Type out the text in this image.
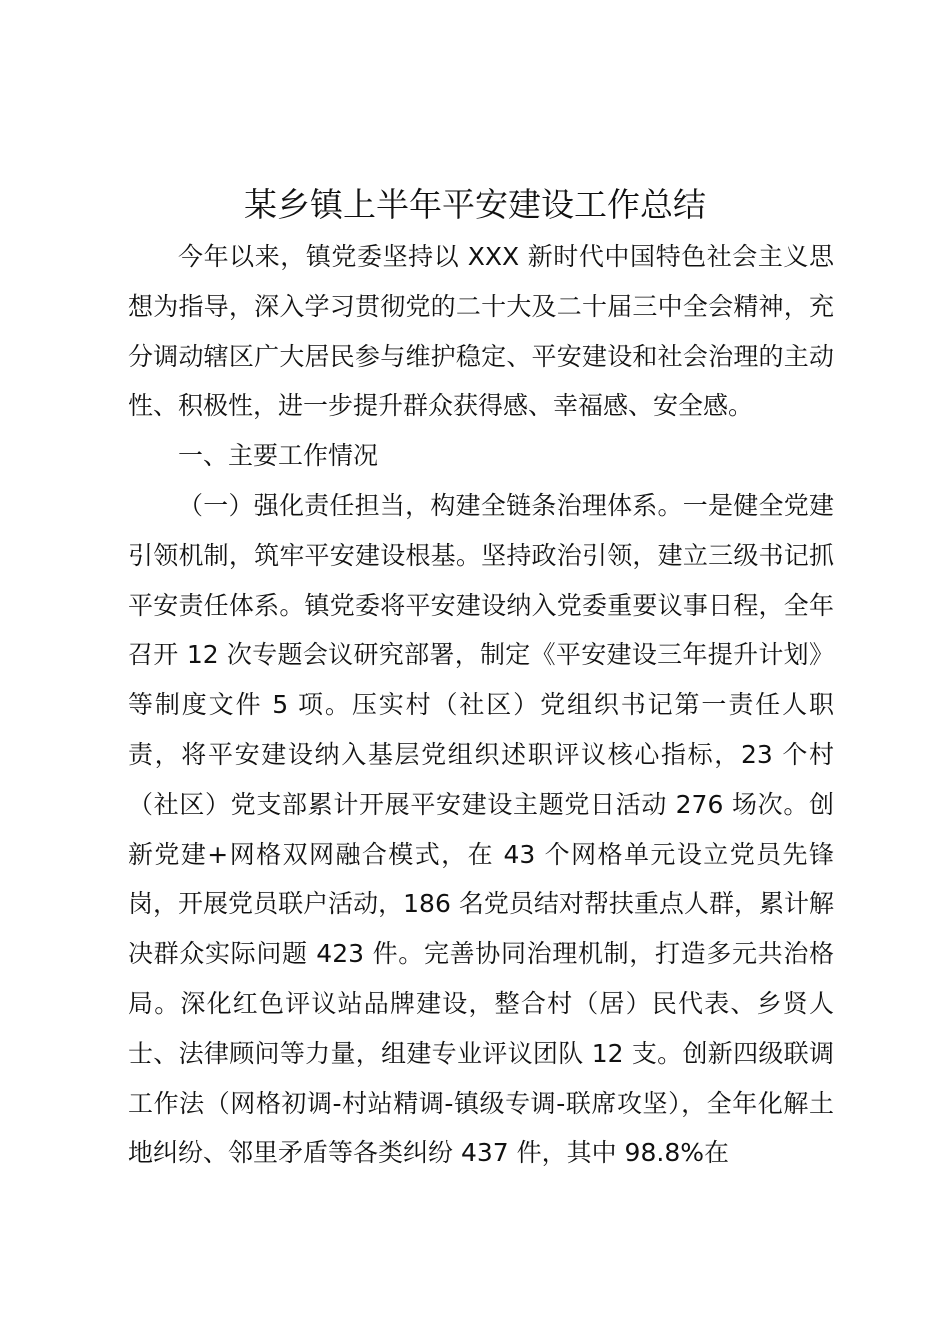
某乡镇上半年平安建设工作总结

今年以来，镇党委坚持以 XXX 新时代中国特色社会主义思想为指导，深入学习贯彻党的二十大及二十届三中全会精神，充分调动辖区广大居民参与维护稳定、平安建设和社会治理的主动性、积极性，进一步提升群众获得感、幸福感、安全感。

一、主要工作情况

（一）强化责任担当，构建全链条治理体系。一是健全党建引领机制，筑牢平安建设根基。坚持政治引领，建立三级书记抓平安责任体系。镇党委将平安建设纳入党委重要议事日程，全年召开 12 次专题会议研究部署，制定《平安建设三年提升计划》等制度文件 5 项。压实村（社区）党组织书记第一责任人职责，将平安建设纳入基层党组织述职评议核心指标，23 个村（社区）党支部累计开展平安建设主题党日活动 276 场次。创新党建+网格双网融合模式，在 43 个网格单元设立党员先锋岗，开展党员联户活动，186 名党员结对帮扶重点人群，累计解决群众实际问题 423 件。完善协同治理机制，打造多元共治格局。深化红色评议站品牌建设，整合村（居）民代表、乡贤人士、法律顾问等力量，组建专业评议团队 12 支。创新四级联调工作法（网格初调-村站精调-镇级专调-联席攻坚），全年化解土地纠纷、邻里矛盾等各类纠纷 437 件，其中 98.8%在
